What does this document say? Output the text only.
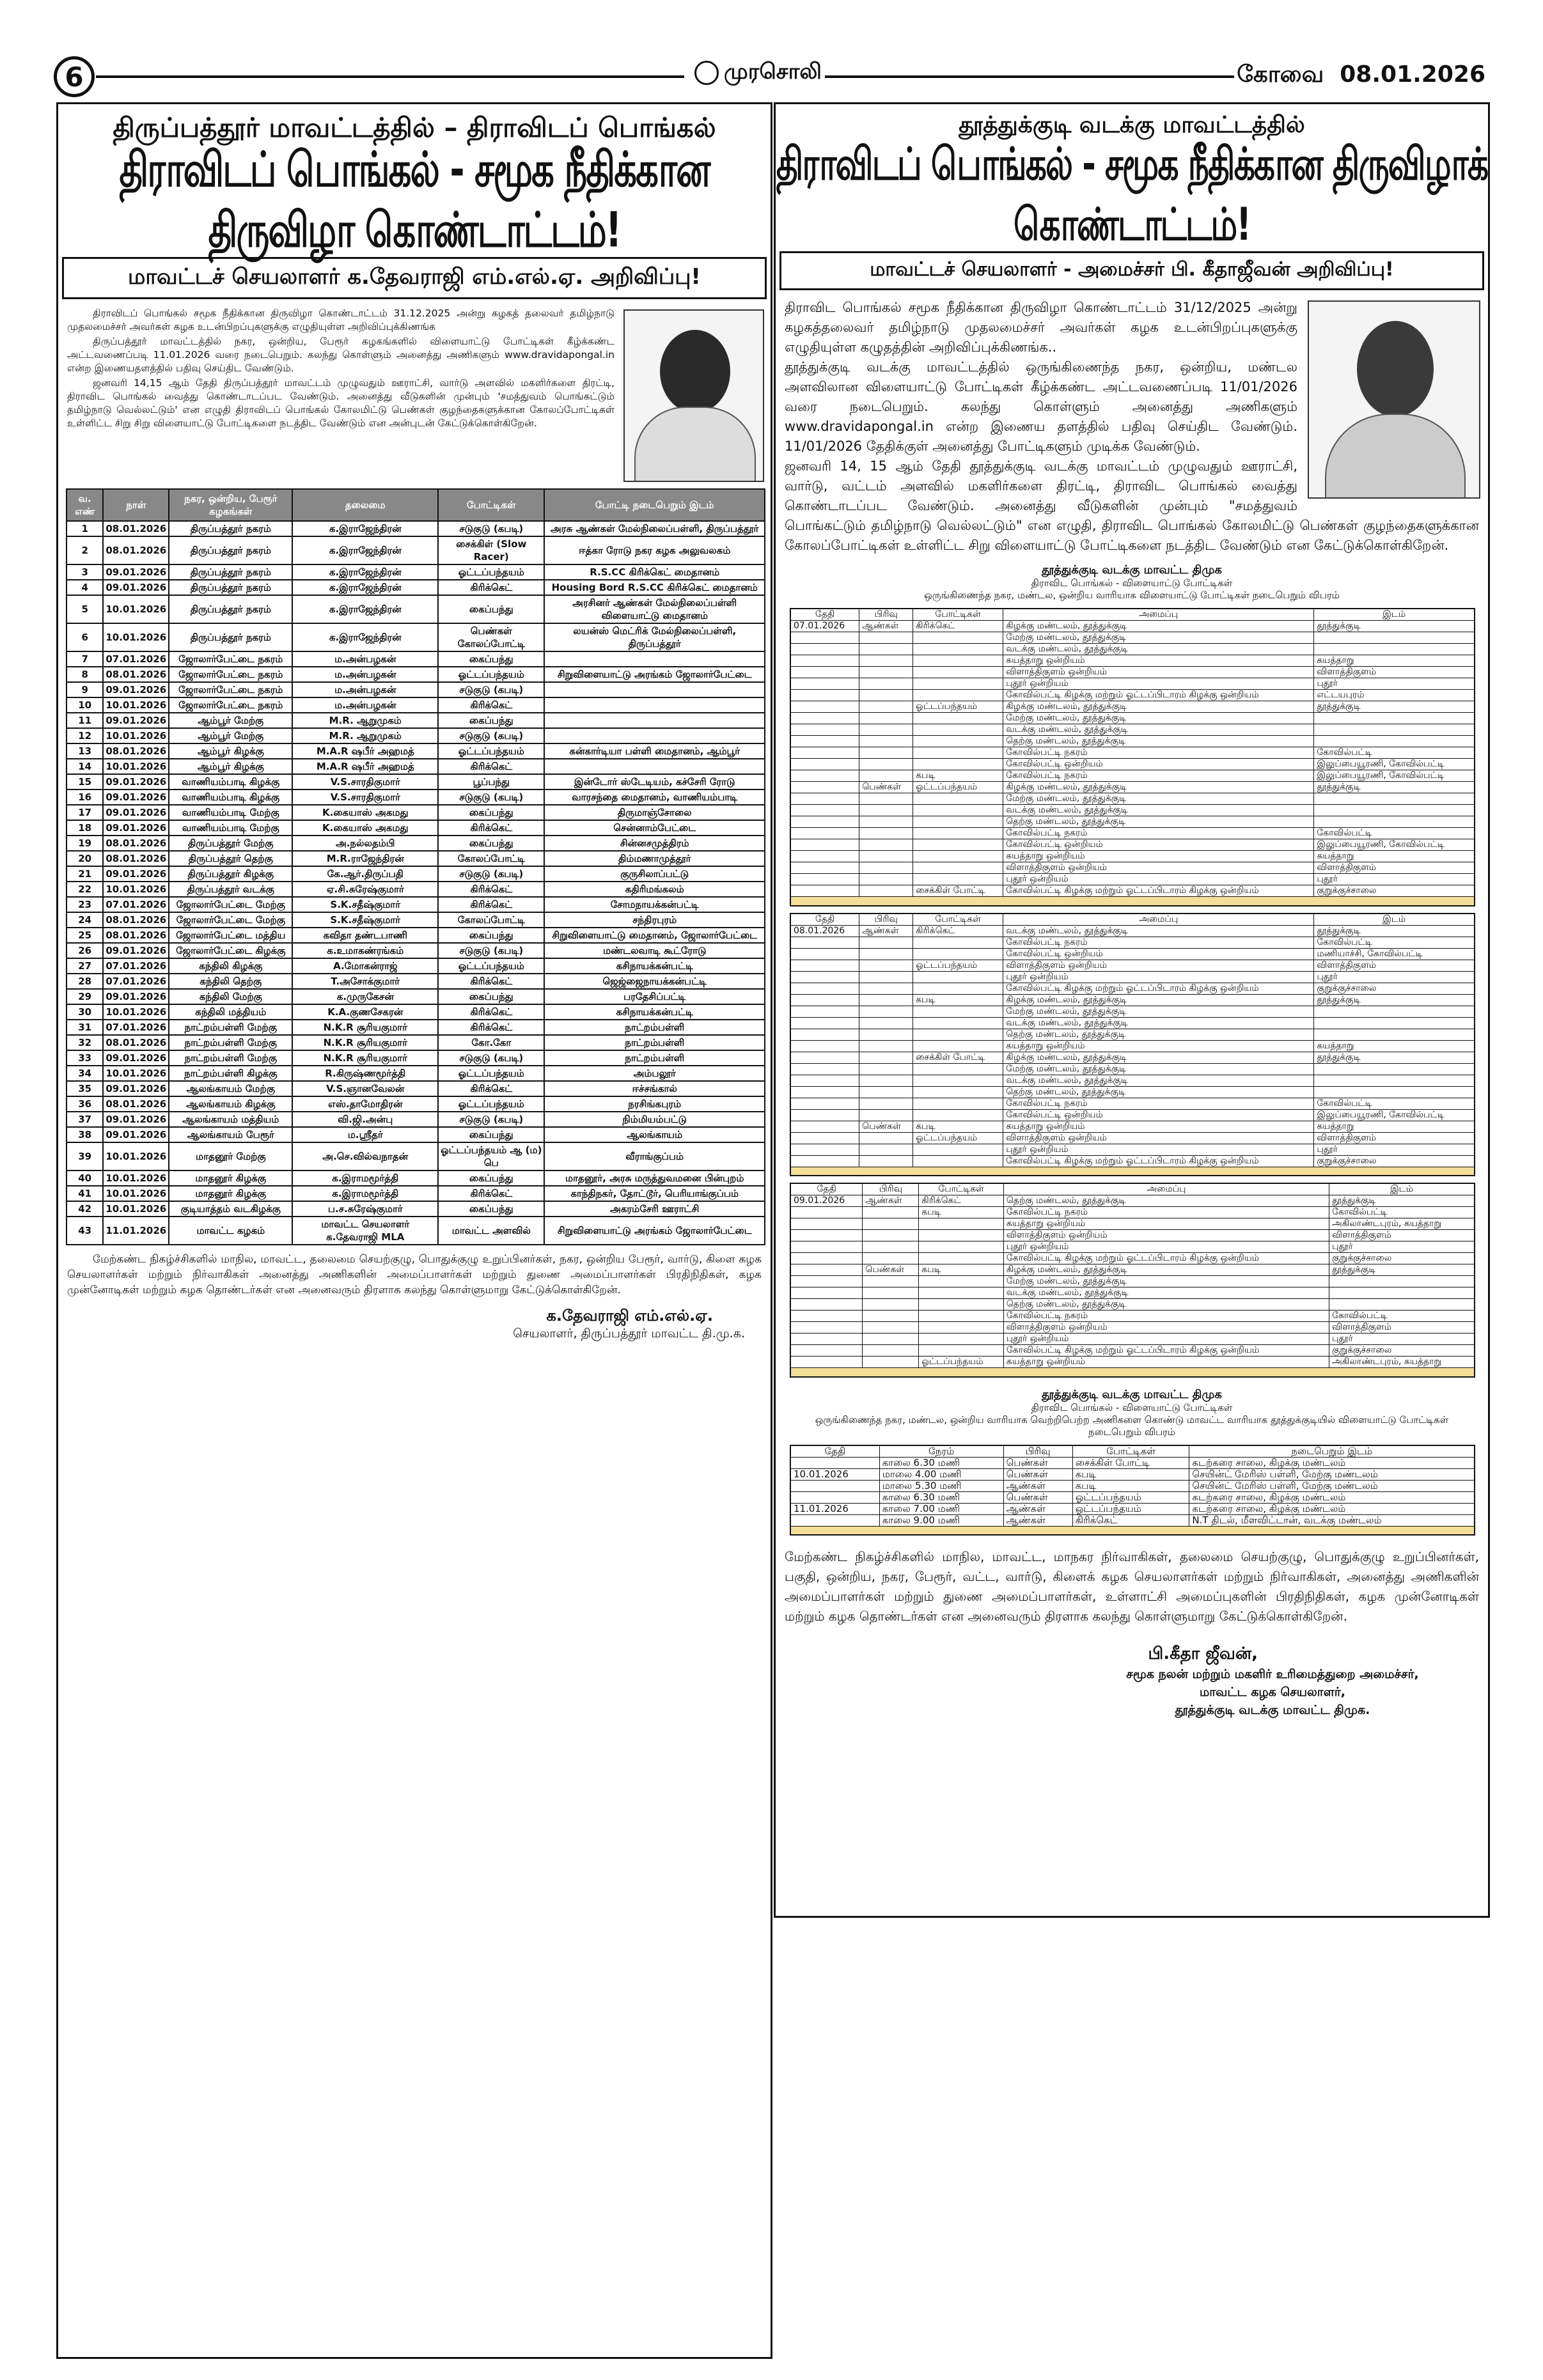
6	முரசொலி	கோவை 08.01.2026
திருப்பத்தூர் மாவட்டத்தில் – திராவிடப் பொங்கல்
திராவிடப் பொங்கல் - சமூக நீதிக்கான திருவிழா கொண்டாட்டம்!
மாவட்டச் செயலாளர் க.தேவராஜி எம்.எல்.ஏ. அறிவிப்பு!

திராவிடப் பொங்கல் சமூக நீதிக்கான திருவிழா கொண்டாட்டம் 31.12.2025 அன்று கழகத் தலைவர் தமிழ்நாடு முதலமைச்சர் அவர்கள் கழக உடன்பிறப்புகளுக்கு எழுதியுள்ள அறிவிப்புக்கிணங்க

திருப்பத்தூர் மாவட்டத்தில் நகர, ஒன்றிய, பேரூர் கழகங்களில் விளையாட்டு போட்டிகள் கீழ்க்கண்ட அட்டவணைப்படி 11.01.2026 வரை நடைபெறும். கலந்து கொள்ளும் அனைத்து அணிகளும் www.dravidapongal.in என்ற இணையதளத்தில் பதிவு செய்திட வேண்டும்.

ஜனவரி 14,15 ஆம் தேதி திருப்பத்தூர் மாவட்டம் முழுவதும் ஊராட்சி, வார்டு அளவில் மகளிர்களை திரட்டி, திராவிட பொங்கல் வைத்து கொண்டாடப்பட வேண்டும். அனைத்து வீடுகளின் முன்பும் 'சமத்துவம் பொங்கட்டும் தமிழ்நாடு வெல்லட்டும்' என எழுதி திராவிடப் பொங்கல் கோலமிட்டு பெண்கள் குழந்தைகளுக்கான கோலப்போட்டிகள் உள்ளிட்ட சிறு சிறு விளையாட்டு போட்டிகளை நடத்திட வேண்டும் என அன்புடன் கேட்டுக்கொள்கிறேன்.

வ. எண்	நாள்	நகர, ஒன்றிய, பேரூர் கழகங்கள்	தலைமை	போட்டிகள்	போட்டி நடைபெறும் இடம்
1	08.01.2026	திருப்பத்தூர் நகரம்	க.இராஜேந்திரன்	சடுகுடு (கபடி)	அரசு ஆண்கள் மேல்நிலைப்பள்ளி, திருப்பத்தூர்
2	08.01.2026	திருப்பத்தூர் நகரம்	க.இராஜேந்திரன்	சைக்கிள் (Slow Racer)	ஈத்கா ரோடு நகர கழக அலுவலகம்
3	09.01.2026	திருப்பத்தூர் நகரம்	க.இராஜேந்திரன்	ஓட்டப்பந்தயம்	R.S.CC கிரிக்கெட் மைதானம்
4	09.01.2026	திருப்பத்தூர் நகரம்	க.இராஜேந்திரன்	கிரிக்கெட்	Housing Bord R.S.CC கிரிக்கெட் மைதானம்
5	10.01.2026	திருப்பத்தூர் நகரம்	க.இராஜேந்திரன்	கைப்பந்து	அரசினர் ஆண்கள் மேல்நிலைப்பள்ளி விளையாட்டு மைதானம்
6	10.01.2026	திருப்பத்தூர் நகரம்	க.இராஜேந்திரன்	பெண்கள் கோலப்போட்டி	லயன்ஸ் மெட்ரிக் மேல்நிலைப்பள்ளி, திருப்பத்தூர்
7	07.01.2026	ஜோலார்பேட்டை நகரம்	ம.அன்பழகன்	கைப்பந்து	
8	08.01.2026	ஜோலார்பேட்டை நகரம்	ம.அன்பழகன்	ஓட்டப்பந்தயம்	சிறுவிளையாட்டு அரங்கம் ஜோலார்பேட்டை
9	09.01.2026	ஜோலார்பேட்டை நகரம்	ம.அன்பழகன்	சடுகுடு (கபடி)	
10	10.01.2026	ஜோலார்பேட்டை நகரம்	ம.அன்பழகன்	கிரிக்கெட்	
11	09.01.2026	ஆம்பூர் மேற்கு	M.R. ஆறுமுகம்	கைப்பந்து	
12	10.01.2026	ஆம்பூர் மேற்கு	M.R. ஆறுமுகம்	சடுகுடு (கபடி)	
13	08.01.2026	ஆம்பூர் கிழக்கு	M.A.R ஷபீர் அஹமத்	ஓட்டப்பந்தயம்	கன்கார்டியா பள்ளி மைதானம், ஆம்பூர்
14	10.01.2026	ஆம்பூர் கிழக்கு	M.A.R ஷபீர் அஹமத்	கிரிக்கெட்	
15	09.01.2026	வாணியம்பாடி கிழக்கு	V.S.சாரதிகுமார்	பூப்பந்து	இன்டோர் ஸ்டேடியம், கச்சேரி ரோடு
16	09.01.2026	வாணியம்பாடி கிழக்கு	V.S.சாரதிகுமார்	சடுகுடு (கபடி)	வாரசந்தை மைதானம், வாணியம்பாடி
17	09.01.2026	வாணியம்பாடி மேற்கு	K.கையாஸ் அகமது	கைப்பந்து	திருமாஞ்சோலை
18	09.01.2026	வாணியம்பாடி மேற்கு	K.கையாஸ் அகமது	கிரிக்கெட்	சென்னாம்பேட்டை
19	08.01.2026	திருப்பத்தூர் மேற்கு	அ.நல்லதம்பி	கைப்பந்து	சின்னசமுத்திரம்
20	08.01.2026	திருப்பத்தூர் தெற்கு	M.R.ராஜேந்திரன்	கோலப்போட்டி	திம்மணாமுத்தூர்
21	09.01.2026	திருப்பத்தூர் கிழக்கு	கே.ஆர்.திருப்பதி	சடுகுடு (கபடி)	குருசிலாப்பட்டு
22	10.01.2026	திருப்பத்தூர் வடக்கு	ஏ.சி.சுரேஷ்குமார்	கிரிக்கெட்	கதிரிமங்கலம்
23	07.01.2026	ஜோலார்பேட்டை மேற்கு	S.K.சதீஷ்குமார்	கிரிக்கெட்	சோமநாயக்கன்பட்டி
24	08.01.2026	ஜோலார்பேட்டை மேற்கு	S.K.சதீஷ்குமார்	கோலப்போட்டி	சந்திரபுரம்
25	08.01.2026	ஜோலார்பேட்டை மத்திய	கவிதா தண்டபாணி	கைப்பந்து	சிறுவிளையாட்டு மைதானம், ஜோலார்பேட்டை
26	09.01.2026	ஜோலார்பேட்டை கிழக்கு	க.உமாகண்ரங்கம்	சடுகுடு (கபடி)	மண்டலவாடி கூட்ரோடு
27	07.01.2026	கந்திலி கிழக்கு	A.மோகன்ராஜ்	ஓட்டப்பந்தயம்	கசிநாயக்கன்பட்டி
28	07.01.2026	கந்திலி தெற்கு	T.அசோக்குமார்	கிரிக்கெட்	ஜெஜ்ஜைநாயக்கன்பட்டி
29	09.01.2026	கந்திலி மேற்கு	க.முருகேசன்	கைப்பந்து	பரதேசிப்பட்டி
30	10.01.2026	கந்திலி மத்தியம்	K.A.குணசேகரன்	கிரிக்கெட்	கசிநாயக்கன்பட்டி
31	07.01.2026	நாட்றம்பள்ளி மேற்கு	N.K.R சூரியகுமார்	கிரிக்கெட்	நாட்றம்பள்ளி
32	08.01.2026	நாட்றம்பள்ளி மேற்கு	N.K.R சூரியகுமார்	கோ.கோ	நாட்றம்பள்ளி
33	09.01.2026	நாட்றம்பள்ளி மேற்கு	N.K.R சூரியகுமார்	சடுகுடு (கபடி)	நாட்றம்பள்ளி
34	10.01.2026	நாட்றம்பள்ளி கிழக்கு	R.கிருஷ்ணமூர்த்தி	ஓட்டப்பந்தயம்	அம்பலூர்
35	09.01.2026	ஆலங்காயம் மேற்கு	V.S.ஞானவேலன்	கிரிக்கெட்	ஈச்சங்கால்
36	08.01.2026	ஆலங்காயம் கிழக்கு	எஸ்.தாமோதிரன்	ஓட்டப்பந்தயம்	நரசிங்கபுரம்
37	09.01.2026	ஆலங்காயம் மத்தியம்	வி.ஜி.அன்பு	சடுகுடு (கபடி)	நிம்மியம்பட்டு
38	09.01.2026	ஆலங்காயம் பேரூர்	ம.ஸ்ரீதர்	கைப்பந்து	ஆலங்காயம்
39	10.01.2026	மாதனூர் மேற்கு	அ.செ.வில்வநாதன்	ஓட்டப்பந்தயம் ஆ (ம) பெ	வீராங்குப்பம்
40	10.01.2026	மாதனூர் கிழக்கு	க.இராமமூர்த்தி	கைப்பந்து	மாதனூர், அரசு மருத்துவமனை பின்புறம்
41	10.01.2026	மாதனூர் கிழக்கு	க.இராமமூர்த்தி	கிரிக்கெட்	காந்திநகர், தோட்டூர், பெரியாங்குப்பம்
42	10.01.2026	குடியாத்தம் வடகிழக்கு	ப.ச.சுரேஷ்குமார்	கைப்பந்து	அகரம்சேரி ஊராட்சி
43	11.01.2026	மாவட்ட கழகம்	மாவட்ட செயலாளர் க.தேவராஜி MLA	மாவட்ட அளவில்	சிறுவிளையாட்டு அரங்கம் ஜோலார்பேட்டை

மேற்கண்ட நிகழ்ச்சிகளில் மாநில, மாவட்ட, தலைமை செயற்குழு, பொதுக்குழு உறுப்பினர்கள், நகர, ஒன்றிய பேரூர், வார்டு, கிளை கழக செயலாளர்கள் மற்றும் நிர்வாகிகள் அனைத்து அணிகளின் அமைப்பாளர்கள் மற்றும் துணை அமைப்பாளர்கள் பிரதிநிதிகள், கழக முன்னோடிகள் மற்றும் கழக தொண்டர்கள் என அனைவரும் திரளாக கலந்து கொள்ளுமாறு கேட்டுக்கொள்கிறேன்.

க.தேவராஜி எம்.எல்.ஏ.
செயலாளர், திருப்பத்தூர் மாவட்ட தி.மு.க.
தூத்துக்குடி வடக்கு மாவட்டத்தில்
திராவிடப் பொங்கல் - சமூக நீதிக்கான திருவிழாக் கொண்டாட்டம்!
மாவட்டச் செயலாளர் - அமைச்சர் பி. கீதாஜீவன் அறிவிப்பு!

திராவிட பொங்கல் சமூக நீதிக்கான திருவிழா கொண்டாட்டம் 31/12/2025 அன்று கழகத்தலைவர் தமிழ்நாடு முதலமைச்சர் அவர்கள் கழக உடன்பிறப்புகளுக்கு எழுதியுள்ள கழுதத்தின் அறிவிப்புக்கிணங்க..

தூத்துக்குடி வடக்கு மாவட்டத்தில் ஒருங்கிணைந்த நகர, ஒன்றிய, மண்டல அளவிலான விளையாட்டு போட்டிகள் கீழ்க்கண்ட அட்டவணைப்படி 11/01/2026 வரை நடைபெறும். கலந்து கொள்ளும் அனைத்து அணிகளும் www.dravidapongal.in என்ற இணைய தளத்தில் பதிவு செய்திட வேண்டும். 11/01/2026 தேதிக்குள் அனைத்து போட்டிகளும் முடிக்க வேண்டும்.

ஜனவரி 14, 15 ஆம் தேதி தூத்துக்குடி வடக்கு மாவட்டம் முழுவதும் ஊராட்சி, வார்டு, வட்டம் அளவில் மகளிர்களை திரட்டி, திராவிட பொங்கல் வைத்து கொண்டாடப்பட வேண்டும். அனைத்து வீடுகளின் முன்பும் "சமத்துவம் பொங்கட்டும் தமிழ்நாடு வெல்லட்டும்" என எழுதி, திராவிட பொங்கல் கோலமிட்டு பெண்கள் குழந்தைகளுக்கான கோலப்போட்டிகள் உள்ளிட்ட சிறு விளையாட்டு போட்டிகளை நடத்திட வேண்டும் என கேட்டுக்கொள்கிறேன்.

தூத்துக்குடி வடக்கு மாவட்ட திமுக
திராவிட பொங்கல் - விளையாட்டு போட்டிகள்
ஒருங்கிணைந்த நகர, மண்டல, ஒன்றிய வாரியாக விளையாட்டு போட்டிகள் நடைபெறும் விபரம்
தேதி	பிரிவு	போட்டிகள்	அமைப்பு	இடம்
07.01.2026	ஆண்கள்	கிரிக்கெட்	கிழக்கு மண்டலம், தூத்துக்குடி	தூத்துக்குடி
			மேற்கு மண்டலம், தூத்துக்குடி	
			வடக்கு மண்டலம், தூத்துக்குடி	
			கயத்தாறு ஒன்றியம்	கயத்தாறு
			விளாத்திகுளம் ஒன்றியம்	விளாத்திகுளம்
			புதூர் ஒன்றியம்	புதூர்
			கோவில்பட்டி கிழக்கு மற்றும் ஓட்டப்பிடாரம் கிழக்கு ஒன்றியம்	எட்டயபுரம்
		ஓட்டப்பந்தயம்	கிழக்கு மண்டலம், தூத்துக்குடி	தூத்துக்குடி
			மேற்கு மண்டலம், தூத்துக்குடி	
			வடக்கு மண்டலம், தூத்துக்குடி	
			தெற்கு மண்டலம், தூத்துக்குடி	
			கோவில்பட்டி நகரம்	கோவில்பட்டி
			கோவில்பட்டி ஒன்றியம்	இலுப்பையூரணி, கோவில்பட்டி
		கபடி	கோவில்பட்டி நகரம்	இலுப்பையூரணி, கோவில்பட்டி
	பெண்கள்	ஓட்டப்பந்தயம்	கிழக்கு மண்டலம், தூத்துக்குடி	தூத்துக்குடி
			மேற்கு மண்டலம், தூத்துக்குடி	
			வடக்கு மண்டலம், தூத்துக்குடி	
			தெற்கு மண்டலம், தூத்துக்குடி	
			கோவில்பட்டி நகரம்	கோவில்பட்டி
			கோவில்பட்டி ஒன்றியம்	இலுப்பையூரணி, கோவில்பட்டி
			கயத்தாறு ஒன்றியம்	கயத்தாறு
			விளாத்திகுளம் ஒன்றியம்	விளாத்திகுளம்
			புதூர் ஒன்றியம்	புதூர்
		சைக்கிள் போட்டி	கோவில்பட்டி கிழக்கு மற்றும் ஓட்டப்பிடாரம் கிழக்கு ஒன்றியம்	குறுக்குச்சாலை

தேதி	பிரிவு	போட்டிகள்	அமைப்பு	இடம்
08.01.2026	ஆண்கள்	கிரிக்கெட்	வடக்கு மண்டலம், தூத்துக்குடி	தூத்துக்குடி
			கோவில்பட்டி நகரம்	கோவில்பட்டி
			கோவில்பட்டி ஒன்றியம்	மணியாச்சி, கோவில்பட்டி
		ஓட்டப்பந்தயம்	விளாத்திகுளம் ஒன்றியம்	விளாத்திகுளம்
			புதூர் ஒன்றியம்	புதூர்
			கோவில்பட்டி கிழக்கு மற்றும் ஓட்டப்பிடாரம் கிழக்கு ஒன்றியம்	குறுக்குச்சாலை
		கபடி	கிழக்கு மண்டலம், தூத்துக்குடி	தூத்துக்குடி
			மேற்கு மண்டலம், தூத்துக்குடி	
			வடக்கு மண்டலம், தூத்துக்குடி	
			தெற்கு மண்டலம், தூத்துக்குடி	
			கயத்தாறு ஒன்றியம்	கயத்தாறு
		சைக்கிள் போட்டி	கிழக்கு மண்டலம், தூத்துக்குடி	தூத்துக்குடி
			மேற்கு மண்டலம், தூத்துக்குடி	
			வடக்கு மண்டலம், தூத்துக்குடி	
			தெற்கு மண்டலம், தூத்துக்குடி	
			கோவில்பட்டி நகரம்	கோவில்பட்டி
			கோவில்பட்டி ஒன்றியம்	இலுப்பையூரணி, கோவில்பட்டி
	பெண்கள்	கபடி	கயத்தாறு ஒன்றியம்	கயத்தாறு
		ஓட்டப்பந்தயம்	விளாத்திகுளம் ஒன்றியம்	விளாத்திகுளம்
			புதூர் ஒன்றியம்	புதூர்
			கோவில்பட்டி கிழக்கு மற்றும் ஓட்டப்பிடாரம் கிழக்கு ஒன்றியம்	குறுக்குச்சாலை

தேதி	பிரிவு	போட்டிகள்	அமைப்பு	இடம்
09.01.2026	ஆண்கள்	கிரிக்கெட்	தெற்கு மண்டலம், தூத்துக்குடி	தூத்துக்குடி
		கபடி	கோவில்பட்டி நகரம்	கோவில்பட்டி
			கயத்தாறு ஒன்றியம்	அகிலாண்டபுரம், கயத்தாறு
			விளாத்திகுளம் ஒன்றியம்	விளாத்திகுளம்
			புதூர் ஒன்றியம்	புதூர்
			கோவில்பட்டி கிழக்கு மற்றும் ஓட்டப்பிடாரம் கிழக்கு ஒன்றியம்	குறுக்குச்சாலை
	பெண்கள்	கபடி	கிழக்கு மண்டலம், தூத்துக்குடி	தூத்துக்குடி
			மேற்கு மண்டலம், தூத்துக்குடி	
			வடக்கு மண்டலம், தூத்துக்குடி	
			தெற்கு மண்டலம், தூத்துக்குடி	
			கோவில்பட்டி நகரம்	கோவில்பட்டி
			விளாத்திகுளம் ஒன்றியம்	விளாத்திகுளம்
			புதூர் ஒன்றியம்	புதூர்
			கோவில்பட்டி கிழக்கு மற்றும் ஓட்டப்பிடாரம் கிழக்கு ஒன்றியம்	குறுக்குச்சாலை
		ஓட்டப்பந்தயம்	கயத்தாறு ஒன்றியம்	அகிலாண்டபுரம், கயத்தாறு

தூத்துக்குடி வடக்கு மாவட்ட திமுக
திராவிட பொங்கல் - விளையாட்டு போட்டிகள்
ஒருங்கிணைந்த நகர, மண்டல, ஒன்றிய வாரியாக வெற்றிபெற்ற அணிகளை கொண்டு மாவட்ட வாரியாக தூத்துக்குடியில் விளையாட்டு போட்டிகள் நடைபெறும் விபரம்
தேதி	நேரம்	பிரிவு	போட்டிகள்	நடைபெறும் இடம்
	காலை 6.30 மணி	பெண்கள்	சைக்கிள் போட்டி	கடற்கரை சாலை, கிழக்கு மண்டலம்
10.01.2026	மாலை 4.00 மணி	பெண்கள்	கபடி	செயின்ட் மேரிஸ் பள்ளி, மேற்கு மண்டலம்
	மாலை 5.30 மணி	ஆண்கள்	கபடி	செயின்ட் மேரிஸ் பள்ளி, மேற்கு மண்டலம்
	காலை 6.30 மணி	பெண்கள்	ஓட்டப்பந்தயம்	கடற்கரை சாலை, கிழக்கு மண்டலம்
11.01.2026	காலை 7.00 மணி	ஆண்கள்	ஓட்டப்பந்தயம்	கடற்கரை சாலை, கிழக்கு மண்டலம்
	காலை 9.00 மணி	ஆண்கள்	கிரிக்கெட்	N.T திடல், மீளவிட்டான், வடக்கு மண்டலம்

மேற்கண்ட நிகழ்ச்சிகளில் மாநில, மாவட்ட, மாநகர நிர்வாகிகள், தலைமை செயற்குழு, பொதுக்குழு உறுப்பினர்கள், பகுதி, ஒன்றிய, நகர, பேரூர், வட்ட, வார்டு, கிளைக் கழக செயலாளர்கள் மற்றும் நிர்வாகிகள், அனைத்து அணிகளின் அமைப்பாளர்கள் மற்றும் துணை அமைப்பாளர்கள், உள்ளாட்சி அமைப்புகளின் பிரதிநிதிகள், கழக முன்னோடிகள் மற்றும் கழக தொண்டர்கள் என அனைவரும் திரளாக கலந்து கொள்ளுமாறு கேட்டுக்கொள்கிறேன்.

பி.கீதா ஜீவன்,
சமூக நலன் மற்றும் மகளிர் உரிமைத்துறை அமைச்சர்,
மாவட்ட கழக செயலாளர்,
தூத்துக்குடி வடக்கு மாவட்ட திமுக.
